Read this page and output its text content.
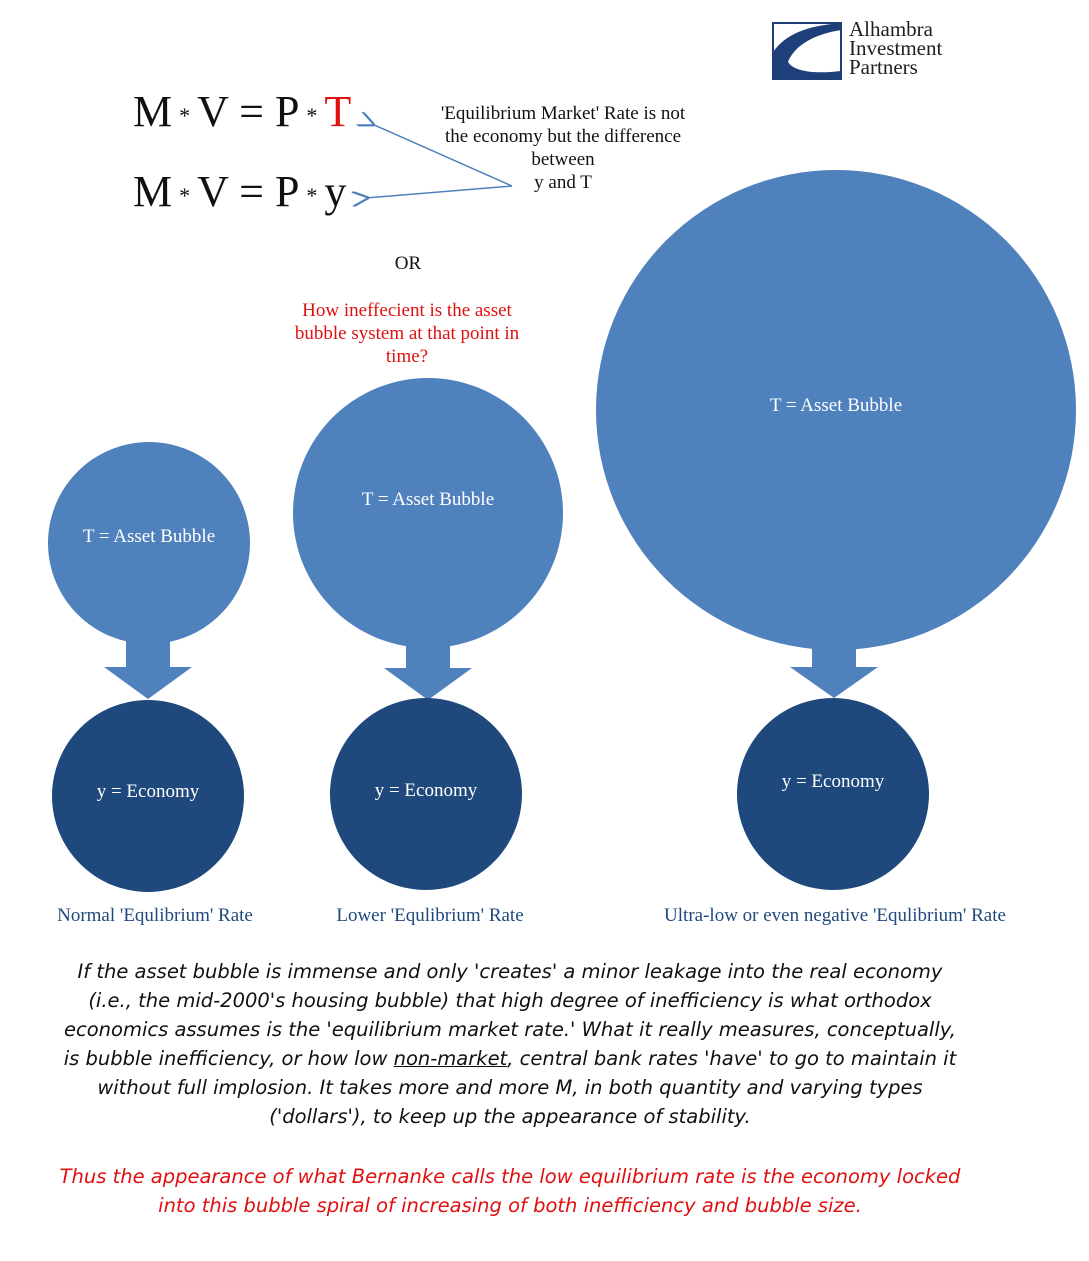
Alhambra
Investment
Partners
M * V = P * T
M * V = P * y
'Equilibrium Market' Rate is not
the economy but the difference
between
y and T
OR
How ineffecient is the asset
bubble system at that point in
time?
T = Asset Bubble
T = Asset Bubble
T = Asset Bubble
y = Economy	y = Economy	y = Economy
Normal 'Equlibrium' Rate	Lower 'Equlibrium' Rate	Ultra-low or even negative 'Equlibrium' Rate
If the asset bubble is immense and only 'creates' a minor leakage into the real economy
(i.e., the mid-2000's housing bubble) that high degree of inefficiency is what orthodox
economics assumes is the 'equilibrium market rate.' What it really measures, conceptually,
is bubble inefficiency, or how low non-market, central bank rates 'have' to go to maintain it
without full implosion. It takes more and more M, in both quantity and varying types
('dollars'), to keep up the appearance of stability.
Thus the appearance of what Bernanke calls the low equilibrium rate is the economy locked
into this bubble spiral of increasing of both inefficiency and bubble size.
